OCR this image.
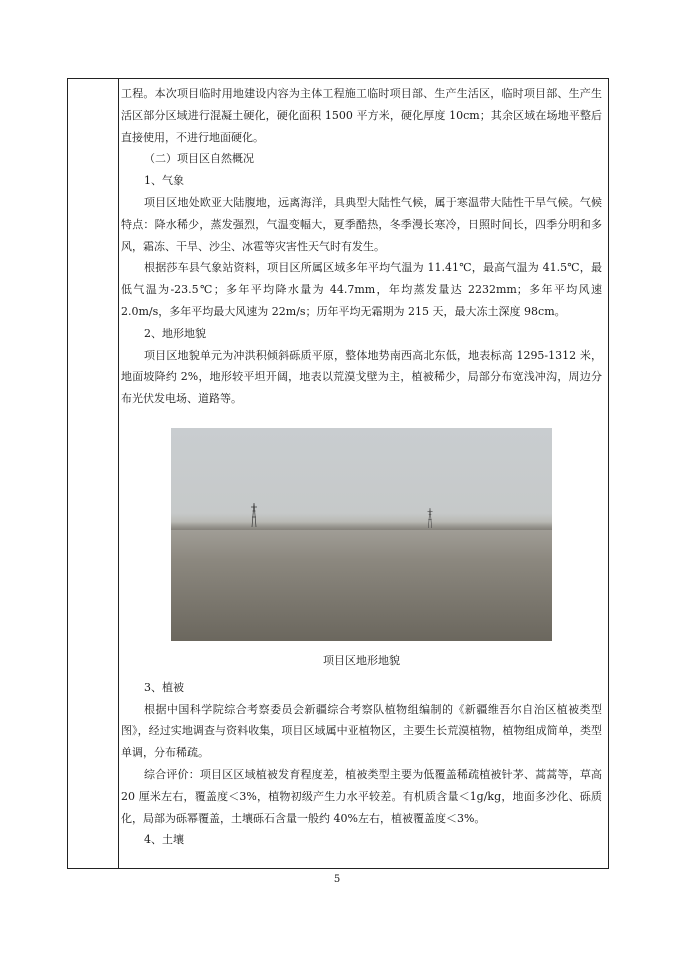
工程。本次项目临时用地建设内容为主体工程施工临时项目部、生产生活区，临时项目部、生产生活区部分区域进行混凝土硬化，硬化面积 1500 平方米，硬化厚度 10cm；其余区域在场地平整后直接使用，不进行地面硬化。

（二）项目区自然概况

1、气象

项目区地处欧亚大陆腹地，远离海洋，具典型大陆性气候，属于寒温带大陆性干旱气候。气候特点：降水稀少，蒸发强烈，气温变幅大，夏季酷热，冬季漫长寒冷，日照时间长，四季分明和多风，霜冻、干旱、沙尘、冰雹等灾害性天气时有发生。

根据莎车县气象站资料，项目区所属区域多年平均气温为 11.41℃，最高气温为 41.5℃，最低气温为-23.5℃；多年平均降水量为 44.7mm，年均蒸发量达 2232mm；多年平均风速 2.0m/s，多年平均最大风速为 22m/s；历年平均无霜期为 215 天，最大冻土深度 98cm。

2、地形地貌

项目区地貌单元为冲洪积倾斜砾质平原，整体地势南西高北东低，地表标高 1295-1312 米，地面坡降约 2%，地形较平坦开阔，地表以荒漠戈壁为主，植被稀少，局部分布宽浅冲沟，周边分布光伏发电场、道路等。

项目区地形地貌

3、植被

根据中国科学院综合考察委员会新疆综合考察队植物组编制的《新疆维吾尔自治区植被类型图》，经过实地调查与资料收集，项目区域属中亚植物区，主要生长荒漠植物，植物组成简单，类型单调，分布稀疏。

综合评价：项目区区域植被发育程度差，植被类型主要为低覆盖稀疏植被针茅、蒿蒿等，草高 20 厘米左右，覆盖度＜3%，植物初级产生力水平较差。有机质含量＜1g/kg，地面多沙化、砾质化，局部为砾幂覆盖，土壤砾石含量一般约 40%左右，植被覆盖度＜3%。

4、土壤

5
